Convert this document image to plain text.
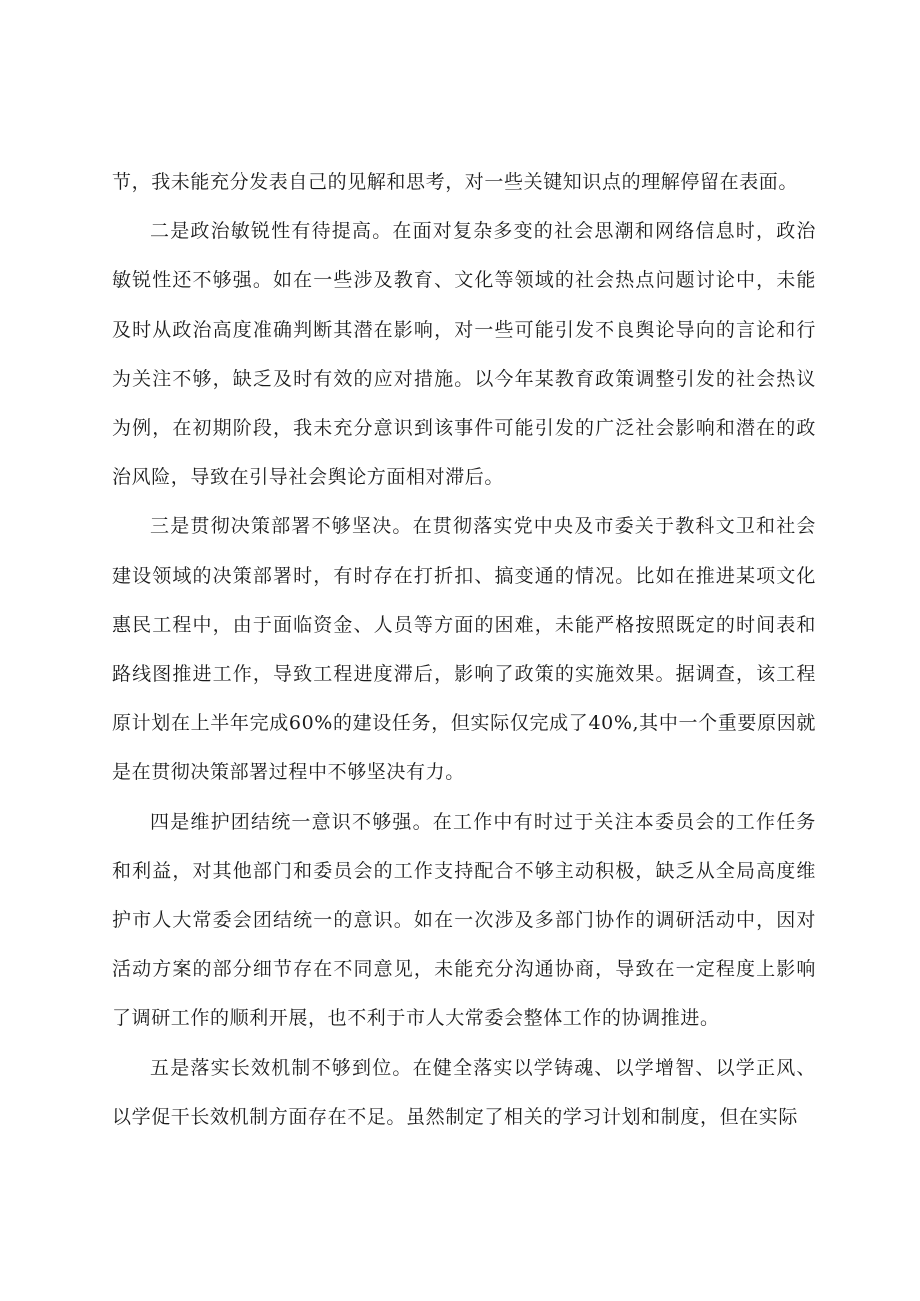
节，我未能充分发表自己的见解和思考，对一些关键知识点的理解停留在表面。

二是政治敏锐性有待提高。在面对复杂多变的社会思潮和网络信息时，政治敏锐性还不够强。如在一些涉及教育、文化等领域的社会热点问题讨论中，未能及时从政治高度准确判断其潜在影响，对一些可能引发不良舆论导向的言论和行为关注不够，缺乏及时有效的应对措施。以今年某教育政策调整引发的社会热议为例，在初期阶段，我未充分意识到该事件可能引发的广泛社会影响和潜在的政治风险，导致在引导社会舆论方面相对滞后。

三是贯彻决策部署不够坚决。在贯彻落实党中央及市委关于教科文卫和社会建设领域的决策部署时，有时存在打折扣、搞变通的情况。比如在推进某项文化惠民工程中，由于面临资金、人员等方面的困难，未能严格按照既定的时间表和路线图推进工作，导致工程进度滞后，影响了政策的实施效果。据调查，该工程原计划在上半年完成60%的建设任务，但实际仅完成了40%,其中一个重要原因就是在贯彻决策部署过程中不够坚决有力。

四是维护团结统一意识不够强。在工作中有时过于关注本委员会的工作任务和利益，对其他部门和委员会的工作支持配合不够主动积极，缺乏从全局高度维护市人大常委会团结统一的意识。如在一次涉及多部门协作的调研活动中，因对活动方案的部分细节存在不同意见，未能充分沟通协商，导致在一定程度上影响了调研工作的顺利开展，也不利于市人大常委会整体工作的协调推进。

五是落实长效机制不够到位。在健全落实以学铸魂、以学增智、以学正风、以学促干长效机制方面存在不足。虽然制定了相关的学习计划和制度，但在实际
